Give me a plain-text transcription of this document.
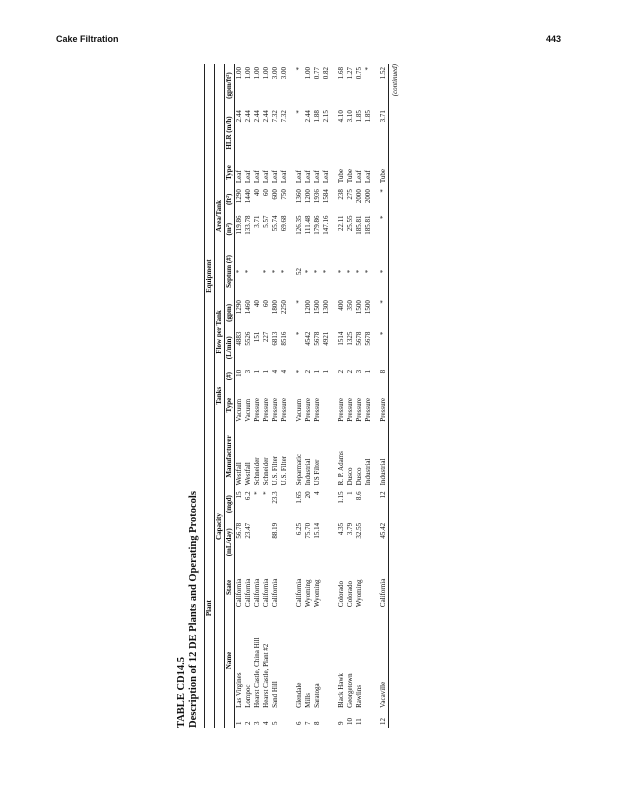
Cake Filtration	443
TABLE CD14.5 Description of 12 DE Plants and Operating Protocols Plant					Equipment										
			Capacity			Tanks		Flow per Tank			Area/Tank				
	Name	State	(mL/day)	(mgd)	Manufacturer	Type	(#)	(L/min)	(gpm)	Septum (#)	(m²)	(ft²)	Type	HLR (m/h)	(gpm/ft²)
1	Las Virgines	California	56.78	15	Westfall	Vacuum	10	4883	1290	*	119.86	1290	Leaf	2.44	1.00
2	Lompoc	California	23.47	6.2	Westfall	Vacuum	3	5526	1460	*	133.78	1440	Leaf	2.44	1.00
3	Hearst Castle, China Hill	California		*	Schneider	Pressure	1	151	40		3.71	40	Leaf	2.44	1.00
4	Hearst Castle, Plant #2	California		*	Schneider	Pressure	1	227	60	*	5.57	60	Leaf	2.44	1.00
5	Sand Hill	California	88.19	23.3	U.S. Filter	Pressure	4	6813	1800	*	55.74	600	Leaf	7.32	3.00
					U.S. Filter	Pressure	4	8516	2250	*	69.68	750	Leaf	7.32	3.00

6	Glendale	California	6.25	1.65	Separmatic	Vacuum	*	*	*	52	126.35	1360	Leaf	*	*
7	Mills	Wyoming	75.70	20	Industrial	Pressure	2	4542	1200	*	111.48	1200	Leaf	2.44	1.00
8	Saratoga	Wyoming	15.14	4	US Filter	Pressure	1	5678	1500	*	179.86	1936	Leaf	1.88	0.77
							1	4921	1300	*	147.16	1584	Leaf	2.15	0.82

9	Black Hawk	Colorado	4.35	1.15	R. P. Adams	Pressure	2	1514	400	*	22.11	238	Tube	4.10	1.68
10	Georgetown	Colorado	3.79	1	Dusco	Pressure	2	1325	350	*	25.55	275	Tube	3.10	1.27
11	Rawlins	Wyoming	32.55	8.6	Dusco	Pressure	3	5678	1500	*	185.81	2000	Leaf	1.85	0.75
					Industrial	Pressure	1	5678	1500	*	185.81	2000	Leaf	1.85	*

12	Vacaville	California	45.42	12	Industrial	Pressure	8	*	*	*	*	*	Tube	3.71	1.52 (continued)
